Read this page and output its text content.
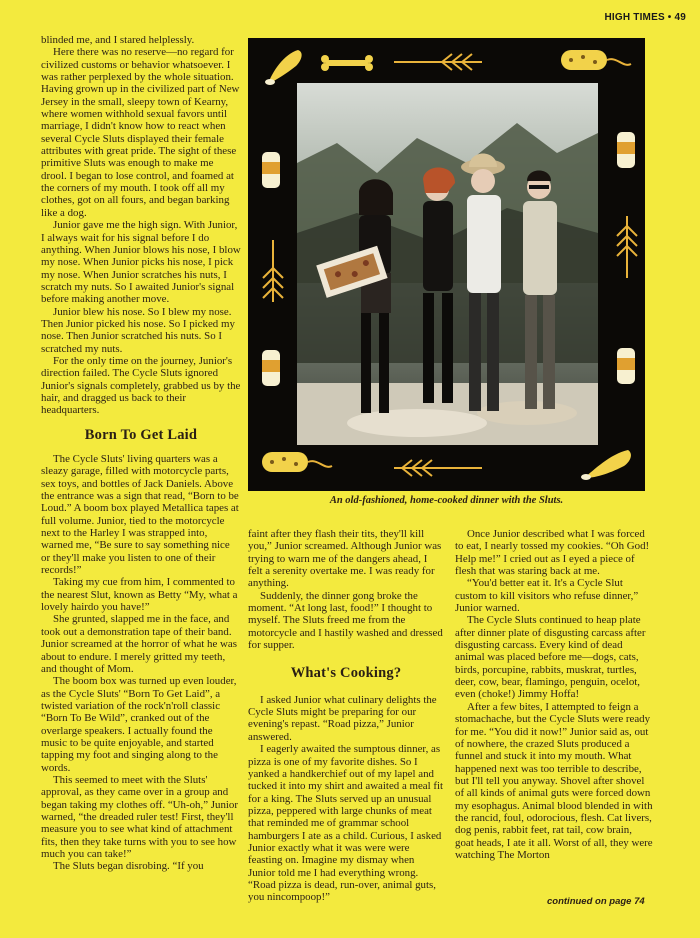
HIGH TIMES • 49

blinded me, and I stared helplessly.

Here there was no reserve—no regard for civilized customs or behavior whatsoever. I was rather perplexed by the whole situation. Having grown up in the civilized part of New Jersey in the small, sleepy town of Kearny, where women withhold sexual favors until marriage, I didn't know how to react when several Cycle Sluts displayed their female attributes with great pride. The sight of these primitive Sluts was enough to make me drool. I began to lose control, and foamed at the corners of my mouth. I took off all my clothes, got on all fours, and began barking like a dog.

Junior gave me the high sign. With Junior, I always wait for his signal before I do anything. When Junior blows his nose, I blow my nose. When Junior picks his nose, I pick my nose. When Junior scratches his nuts, I scratch my nuts. So I awaited Junior's signal before making another move.

Junior blew his nose. So I blew my nose. Then Junior picked his nose. So I picked my nose. Then Junior scratched his nuts. So I scratched my nuts.

For the only time on the journey, Junior's direction failed. The Cycle Sluts ignored Junior's signals completely, grabbed us by the hair, and dragged us back to their headquarters.

Born To Get Laid

The Cycle Sluts' living quarters was a sleazy garage, filled with motorcycle parts, sex toys, and bottles of Jack Daniels. Above the entrance was a sign that read, “Born to be Loud.” A boom box played Metallica tapes at full volume. Junior, tied to the motorcycle next to the Harley I was strapped into, warned me, “Be sure to say something nice or they'll make you listen to one of their records!”

Taking my cue from him, I commented to the nearest Slut, known as Betty “My, what a lovely hairdo you have!”

She grunted, slapped me in the face, and took out a demonstration tape of their band. Junior screamed at the horror of what he was about to endure. I merely gritted my teeth, and thought of Mom.

The boom box was turned up even louder, as the Cycle Sluts' “Born To Get Laid”, a twisted variation of the rock'n'roll classic “Born To Be Wild”, cranked out of the overlarge speakers. I actually found the music to be quite enjoyable, and started tapping my foot and singing along to the words.

This seemed to meet with the Sluts' approval, as they came over in a group and began taking my clothes off. “Uh-oh,” Junior warned, “the dreaded ruler test! First, they'll measure you to see what kind of attachment fits, then they take turns with you to see how much you can take!”

The Sluts began disrobing. “If you

An old-fashioned, home-cooked dinner with the Sluts.

faint after they flash their tits, they'll kill you,” Junior screamed. Although Junior was trying to warn me of the dangers ahead, I felt a serenity overtake me. I was ready for anything.

Suddenly, the dinner gong broke the moment. “At long last, food!” I thought to myself. The Sluts freed me from the motorcycle and I hastily washed and dressed for supper.

What's Cooking?

I asked Junior what culinary delights the Cycle Sluts might be preparing for our evening's repast. “Road pizza,” Junior answered.

I eagerly awaited the sumptous dinner, as pizza is one of my favorite dishes. So I yanked a handkerchief out of my lapel and tucked it into my shirt and awaited a meal fit for a king. The Sluts served up an unusual pizza, peppered with large chunks of meat that reminded me of grammar school hamburgers I ate as a child. Curious, I asked Junior exactly what it was were were feasting on. Imagine my dismay when Junior told me I had everything wrong. “Road pizza is dead, run-over, animal guts, you nincompoop!”

Once Junior described what I was forced to eat, I nearly tossed my cookies. “Oh God! Help me!” I cried out as I eyed a piece of flesh that was staring back at me.

“You'd better eat it. It's a Cycle Slut custom to kill visitors who refuse dinner,” Junior warned.

The Cycle Sluts continued to heap plate after dinner plate of disgusting carcass after disgusting carcass. Every kind of dead animal was placed before me—dogs, cats, birds, porcupine, rabbits, muskrat, turtles, deer, cow, bear, flamingo, penguin, ocelot, even (choke!) Jimmy Hoffa!

After a few bites, I attempted to feign a stomachache, but the Cycle Sluts were ready for me. “You did it now!” Junior said as, out of nowhere, the crazed Sluts produced a funnel and stuck it into my mouth. What happened next was too terrible to describe, but I'll tell you anyway. Shovel after shovel of all kinds of animal guts were forced down my esophagus. Animal blood blended in with the rancid, foul, odorocious, flesh. Cat livers, dog penis, rabbit feet, rat tail, cow brain, goat heads, I ate it all. Worst of all, they were watching The Morton

continued on page 74
